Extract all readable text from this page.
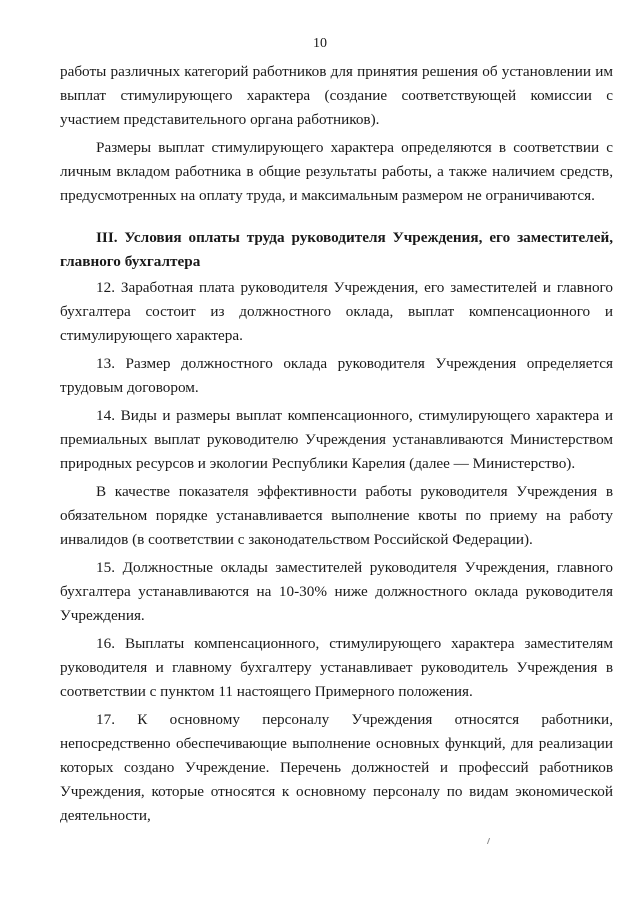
10

работы различных категорий работников для принятия решения об установлении им выплат стимулирующего характера (создание соответствующей комиссии с участием представительного органа работников).

Размеры выплат стимулирующего характера определяются в соответствии с личным вкладом работника в общие результаты работы, а также наличием средств, предусмотренных на оплату труда, и максимальным размером не ограничиваются.

III. Условия оплаты труда руководителя Учреждения, его заместителей, главного бухгалтера

12. Заработная плата руководителя Учреждения, его заместителей и главного бухгалтера состоит из должностного оклада, выплат компенсационного и стимулирующего характера.

13. Размер должностного оклада руководителя Учреждения определяется трудовым договором.

14. Виды и размеры выплат компенсационного, стимулирующего характера и премиальных выплат руководителю Учреждения устанавливаются Министерством природных ресурсов и экологии Республики Карелия (далее — Министерство).

В качестве показателя эффективности работы руководителя Учреждения в обязательном порядке устанавливается выполнение квоты по приему на работу инвалидов (в соответствии с законодательством Российской Федерации).

15. Должностные оклады заместителей руководителя Учреждения, главного бухгалтера устанавливаются на 10-30% ниже должностного оклада руководителя Учреждения.

16. Выплаты компенсационного, стимулирующего характера заместителям руководителя и главному бухгалтеру устанавливает руководитель Учреждения в соответствии с пунктом 11 настоящего Примерного положения.

17. К основному персоналу Учреждения относятся работники, непосредственно обеспечивающие выполнение основных функций, для реализации которых создано Учреждение. Перечень должностей и профессий работников Учреждения, которые относятся к основному персоналу по видам экономической деятельности,
